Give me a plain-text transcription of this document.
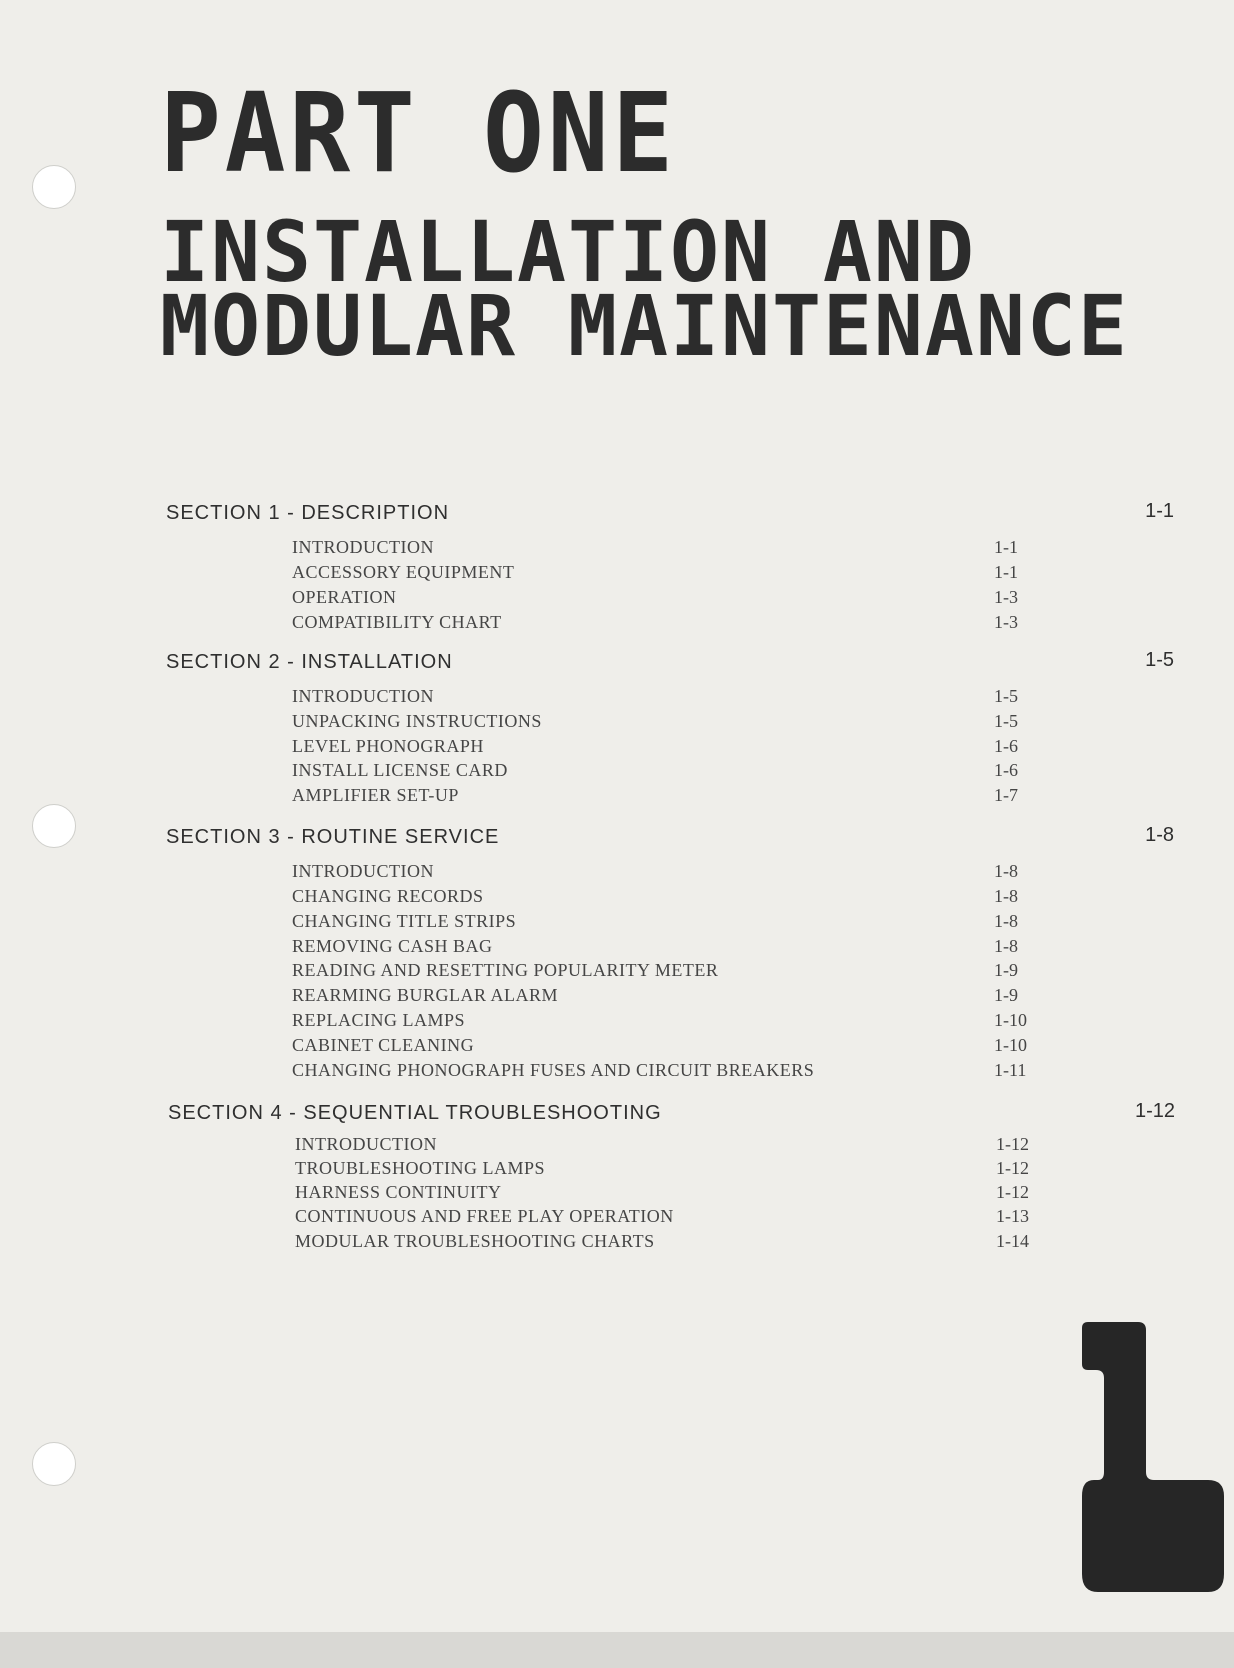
PART ONE
INSTALLATION AND
MODULAR MAINTENANCE
SECTION 1 - DESCRIPTION	1-1
INTRODUCTION	1-1
ACCESSORY EQUIPMENT	1-1
OPERATION	1-3
COMPATIBILITY CHART	1-3
SECTION 2 - INSTALLATION	1-5
INTRODUCTION	1-5
UNPACKING INSTRUCTIONS	1-5
LEVEL PHONOGRAPH	1-6
INSTALL LICENSE CARD	1-6
AMPLIFIER SET-UP	1-7
SECTION 3 - ROUTINE SERVICE	1-8
INTRODUCTION	1-8
CHANGING RECORDS	1-8
CHANGING TITLE STRIPS	1-8
REMOVING CASH BAG	1-8
READING AND RESETTING POPULARITY METER	1-9
REARMING BURGLAR ALARM	1-9
REPLACING LAMPS	1-10
CABINET CLEANING	1-10
CHANGING PHONOGRAPH FUSES AND CIRCUIT BREAKERS	1-11
SECTION 4 - SEQUENTIAL TROUBLESHOOTING	1-12
INTRODUCTION	1-12
TROUBLESHOOTING LAMPS	1-12
HARNESS CONTINUITY	1-12
CONTINUOUS AND FREE PLAY OPERATION	1-13
MODULAR TROUBLESHOOTING CHARTS	1-14
